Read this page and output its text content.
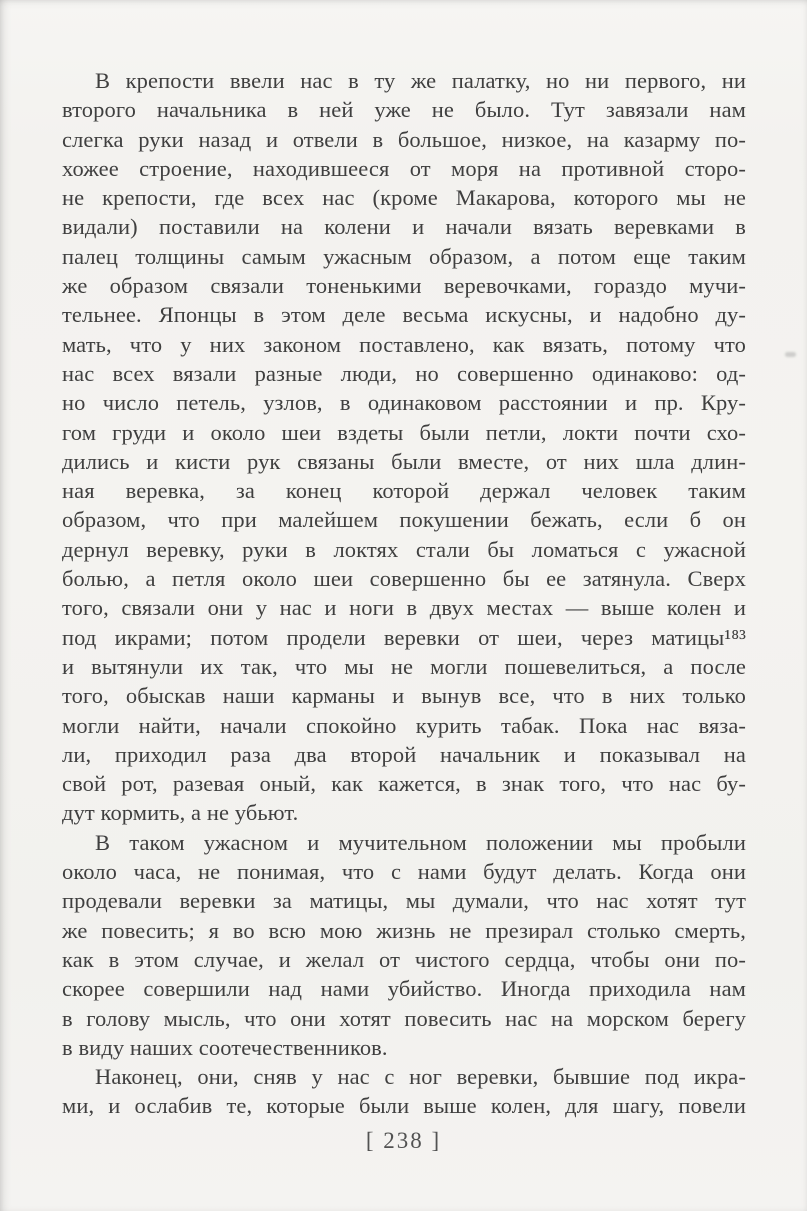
В крепости ввели нас в ту же палатку, но ни первого, ни
второго начальника в ней уже не было. Тут завязали нам
слегка руки назад и отвели в большое, низкое, на казарму по-
хожее строение, находившееся от моря на противной сторо-
не крепости, где всех нас (кроме Макарова, которого мы не
видали) поставили на колени и начали вязать веревками в
палец толщины самым ужасным образом, а потом еще таким
же образом связали тоненькими веревочками, гораздо мучи-
тельнее. Японцы в этом деле весьма искусны, и надобно ду-
мать, что у них законом поставлено, как вязать, потому что
нас всех вязали разные люди, но совершенно одинаково: од-
но число петель, узлов, в одинаковом расстоянии и пр. Кру-
гом груди и около шеи вздеты были петли, локти почти схо-
дились и кисти рук связаны были вместе, от них шла длин-
ная веревка, за конец которой держал человек таким
образом, что при малейшем покушении бежать, если б он
дернул веревку, руки в локтях стали бы ломаться с ужасной
болью, а петля около шеи совершенно бы ее затянула. Сверх
того, связали они у нас и ноги в двух местах — выше колен и
под икрами; потом продели веревки от шеи, через матицы¹⁸³
и вытянули их так, что мы не могли пошевелиться, а после
того, обыскав наши карманы и вынув все, что в них только
могли найти, начали спокойно курить табак. Пока нас вяза-
ли, приходил раза два второй начальник и показывал на
свой рот, разевая оный, как кажется, в знак того, что нас бу-
дут кормить, а не убьют.
В таком ужасном и мучительном положении мы пробыли
около часа, не понимая, что с нами будут делать. Когда они
продевали веревки за матицы, мы думали, что нас хотят тут
же повесить; я во всю мою жизнь не презирал столько смерть,
как в этом случае, и желал от чистого сердца, чтобы они по-
скорее совершили над нами убийство. Иногда приходила нам
в голову мысль, что они хотят повесить нас на морском берегу
в виду наших соотечественников.
Наконец, они, сняв у нас с ног веревки, бывшие под икра-
ми, и ослабив те, которые были выше колен, для шагу, повели
[ 238 ]
